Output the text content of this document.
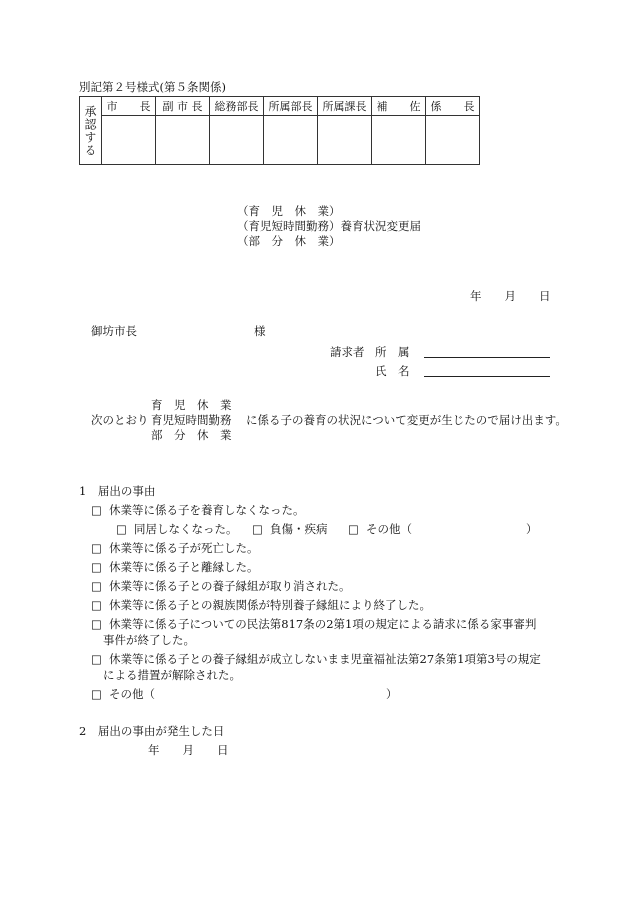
別記第２号様式(第５条関係)
承認する	市　　長	副 市 長	総務部長	所属部長	所属課長	補　　佐	係　　長

（育　児　休　業）
（育児短時間勤務）養育状況変更届
（部　分　休　業）
年　　月　　日
御坊市長	様
請求者 所　属
氏　名
育　児　休　業
次のとおり 育児短時間勤務 に係る子の養育の状況について変更が生じたので届け出ます。
部　分　休　業
1　届出の事由
□ 休業等に係る子を養育しなくなった。
□ 同居しなくなった。 □ 負傷・疾病 □ その他（	）
□ 休業等に係る子が死亡した。
□ 休業等に係る子と離縁した。
□ 休業等に係る子との養子縁組が取り消された。
□ 休業等に係る子との親族関係が特別養子縁組により終了した。
□ 休業等に係る子についての民法第817条の2第1項の規定による請求に係る家事審判
事件が終了した。
□ 休業等に係る子との養子縁組が成立しないまま児童福祉法第27条第1項第3号の規定
による措置が解除された。
□ その他（	）
2　届出の事由が発生した日
年　　月　　日
